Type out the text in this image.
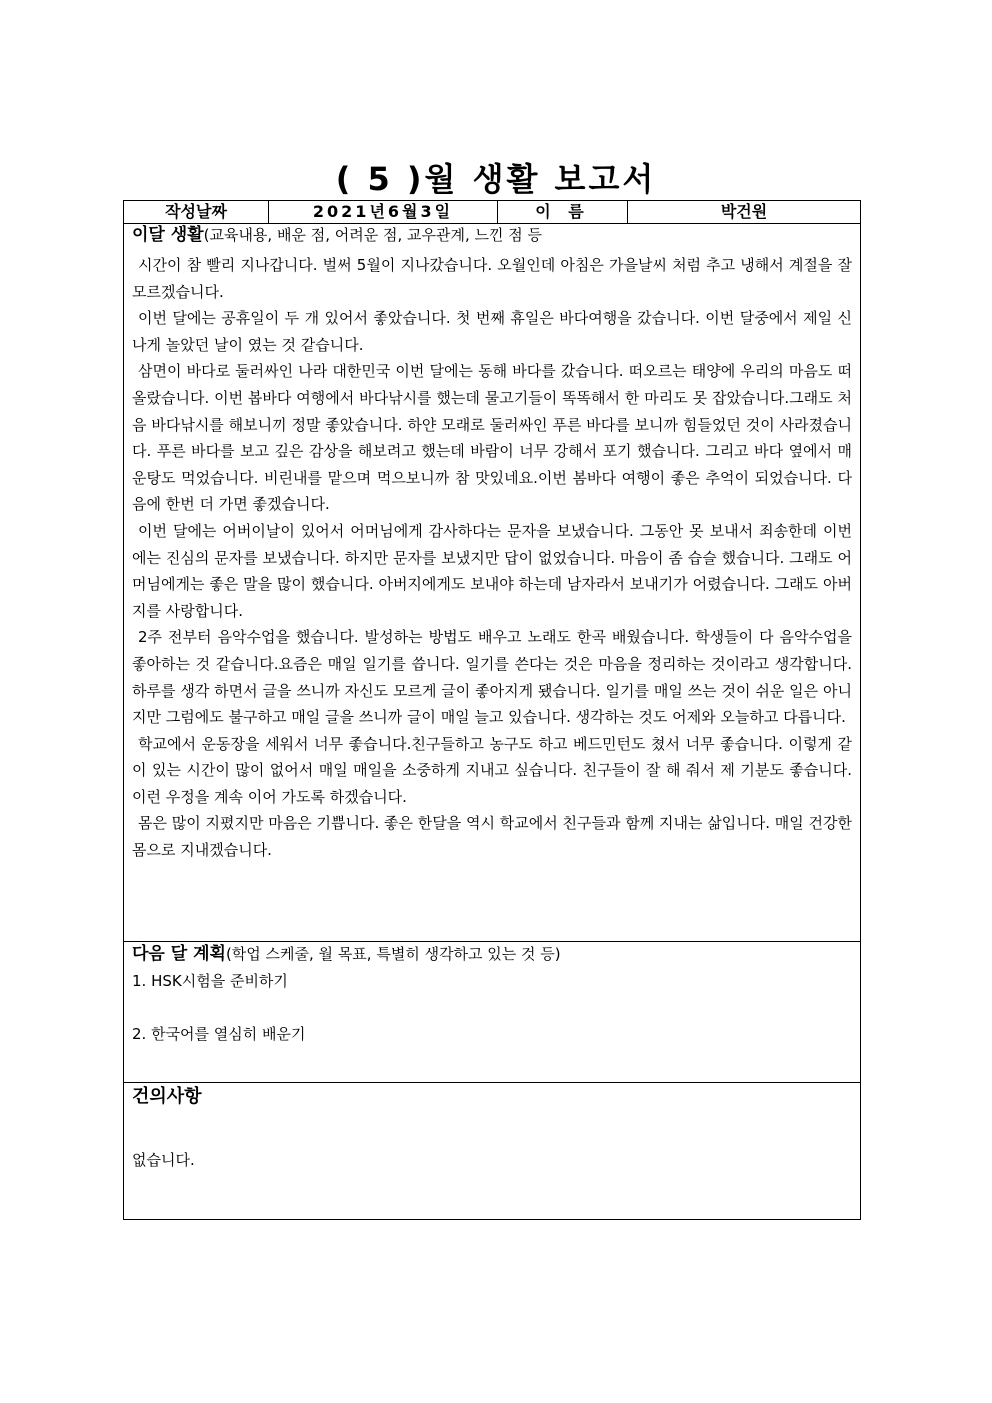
( 5 )월 생활 보고서
작성날짜	2021년6월3일	이 름	박건원
이달 생활(교육내용, 배운 점, 어려운 점, 교우관계, 느낀 점 등

시간이 참 빨리 지나갑니다. 벌써 5월이 지나갔습니다. 오월인데 아침은 가을날씨 처럼 추고 냉해서 계절을 잘 모르겠습니다.

이번 달에는 공휴일이 두 개 있어서 좋았습니다. 첫 번째 휴일은 바다여행을 갔습니다. 이번 달중에서 제일 신나게 놀았던 날이 였는 것 같습니다.

삼면이 바다로 둘러싸인 나라 대한민국 이번 달에는 동해 바다를 갔습니다. 떠오르는 태양에 우리의 마음도 떠올랐습니다. 이번 봅바다 여행에서 바다낚시를 했는데 물고기들이 똑똑해서 한 마리도 못 잡았습니다.그래도 처음 바다낚시를 해보니끼 정말 좋았습니다. 하얀 모래로 둘러싸인 푸른 바다를 보니까 힘들었던 것이 사라졌습니다. 푸른 바다를 보고 깊은 감상을 해보려고 했는데 바람이 너무 강해서 포기 했습니다. 그리고 바다 옆에서 매운탕도 먹었습니다. 비린내를 맡으며 먹으보니까 참 맛있네요.이번 봄바다 여행이 좋은 추억이 되었습니다. 다음에 한번 더 가면 좋겠습니다.

이번 달에는 어버이날이 있어서 어머님에게 감사하다는 문자을 보냈습니다. 그동안 못 보내서 죄송한데 이번에는 진심의 문자를 보냈습니다. 하지만 문자를 보냈지만 답이 없었습니다. 마음이 좀 습슬 했습니다. 그래도 어머님에게는 좋은 말을 많이 했습니다. 아버지에게도 보내야 하는데 남자라서 보내기가 어렸습니다. 그래도 아버지를 사랑합니다.

2주 전부터 음악수업을 했습니다. 발성하는 방법도 배우고 노래도 한곡 배웠습니다. 학생들이 다 음악수업을 좋아하는 것 같습니다.요즘은 매일 일기를 씁니다. 일기를 쓴다는 것은 마음을 정리하는 것이라고 생각합니다. 하루를 생각 하면서 글을 쓰니까 자신도 모르게 글이 좋아지게 됐습니다. 일기를 매일 쓰는 것이 쉬운 일은 아니지만 그럼에도 불구하고 매일 글을 쓰니까 글이 매일 늘고 있습니다. 생각하는 것도 어제와 오늘하고 다릅니다.

학교에서 운동장을 세워서 너무 좋습니다.친구들하고 농구도 하고 베드민턴도 쳤서 너무 좋습니다. 이렇게 같이 있는 시간이 많이 없어서 매일 매일을 소중하게 지내고 싶습니다. 친구들이 잘 해 줘서 제 기분도 좋습니다. 이런 우정을 계속 이어 가도록 하겠습니다.

몸은 많이 지폈지만 마음은 기쁩니다. 좋은 한달을 역시 학교에서 친구들과 함께 지내는 삶입니다. 매일 건강한 몸으로 지내겠습니다.

다음 달 계획(학업 스케줄, 월 목표, 특별히 생각하고 있는 것 등)
1. HSK시험을 준비하기
2. 한국어를 열심히 배운기
건의사항
없습니다.
